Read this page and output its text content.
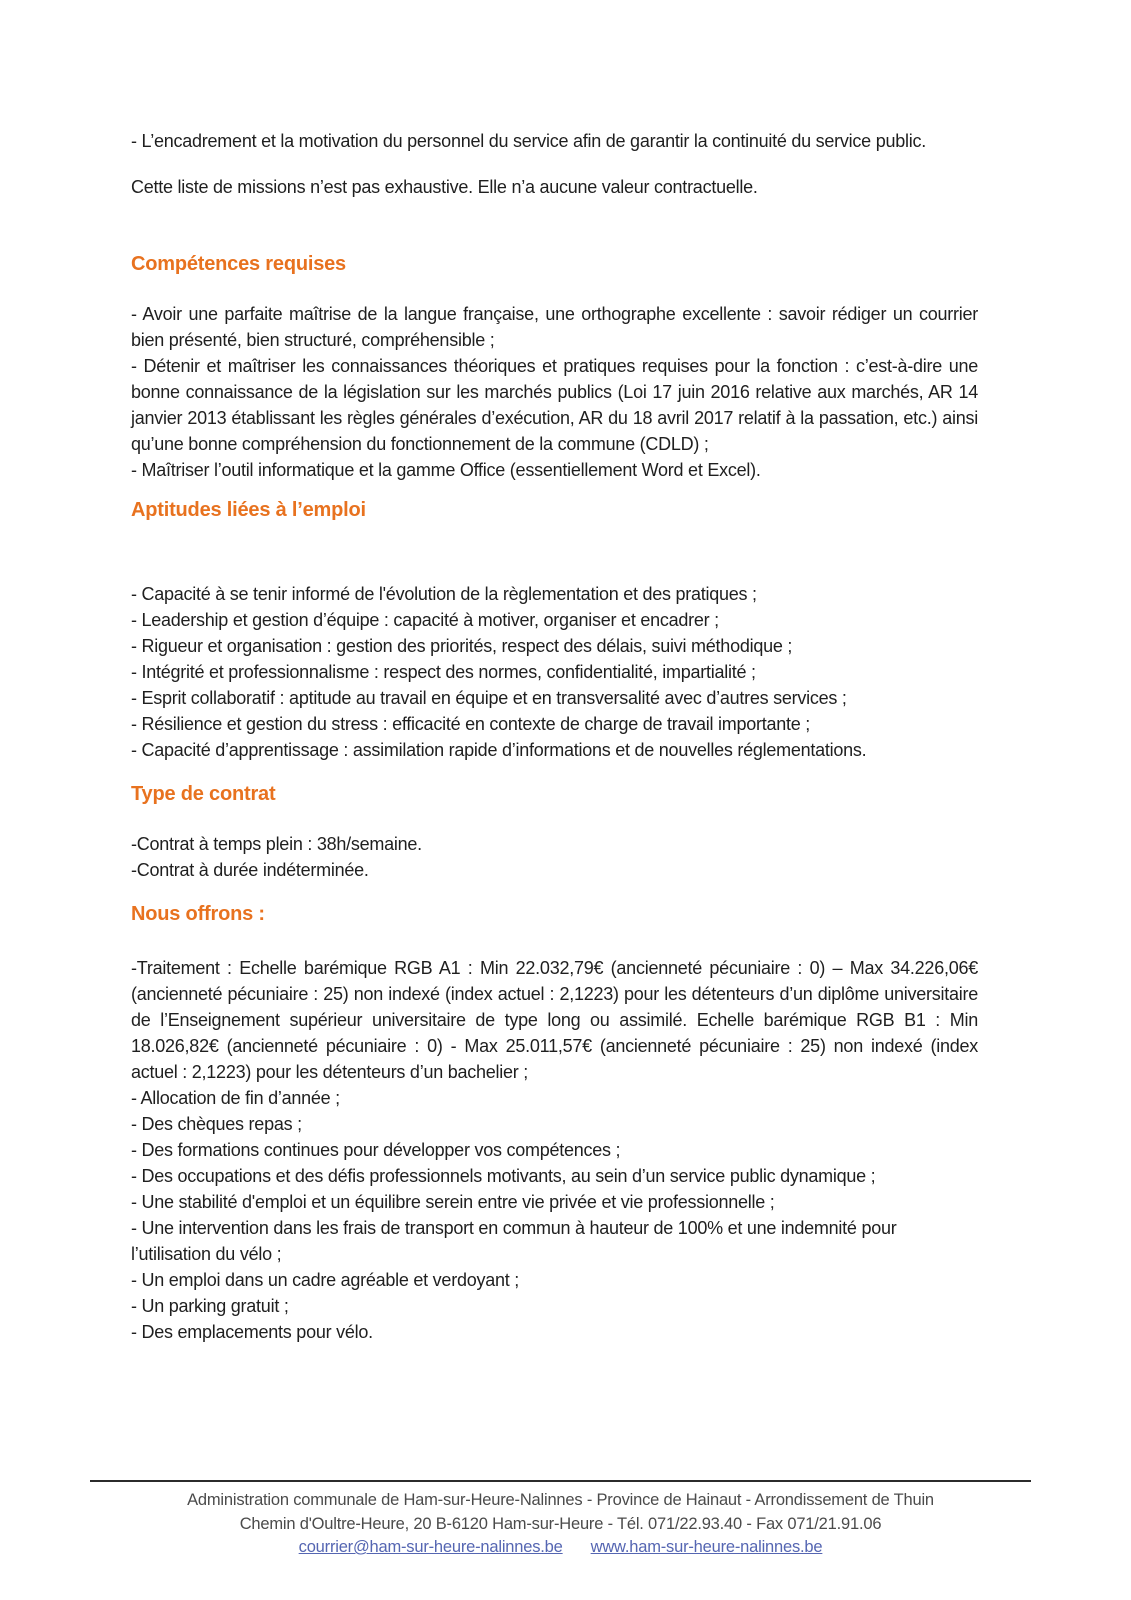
- L’encadrement et la motivation du personnel du service afin de garantir la continuité du service public.

Cette liste de missions n’est pas exhaustive. Elle n’a aucune valeur contractuelle.

Compétences requises
- Avoir une parfaite maîtrise de la langue française, une orthographe excellente : savoir rédiger un courrier bien présenté, bien structuré, compréhensible ;
- Détenir et maîtriser les connaissances théoriques et pratiques requises pour la fonction : c’est-à-dire une bonne connaissance de la législation sur les marchés publics (Loi 17 juin 2016 relative aux marchés, AR 14 janvier 2013 établissant les règles générales d’exécution, AR du 18 avril 2017 relatif à la passation, etc.) ainsi qu’une bonne compréhension du fonctionnement de la commune (CDLD) ;
- Maîtriser l’outil informatique et la gamme Office (essentiellement Word et Excel).
Aptitudes liées à l’emploi
- Capacité à se tenir informé de l'évolution de la règlementation et des pratiques ;
- Leadership et gestion d’équipe : capacité à motiver, organiser et encadrer ;
- Rigueur et organisation : gestion des priorités, respect des délais, suivi méthodique ;
- Intégrité et professionnalisme : respect des normes, confidentialité, impartialité ;
- Esprit collaboratif : aptitude au travail en équipe et en transversalité avec d’autres services ;
- Résilience et gestion du stress : efficacité en contexte de charge de travail importante ;
- Capacité d’apprentissage : assimilation rapide d’informations et de nouvelles réglementations.
Type de contrat
-Contrat à temps plein : 38h/semaine.
-Contrat à durée indéterminée.
Nous offrons :
-Traitement : Echelle barémique RGB A1 : Min 22.032,79€ (ancienneté pécuniaire : 0) – Max 34.226,06€ (ancienneté pécuniaire : 25) non indexé (index actuel : 2,1223) pour les détenteurs d’un diplôme universitaire de l’Enseignement supérieur universitaire de type long ou assimilé. Echelle barémique RGB B1 : Min 18.026,82€ (ancienneté pécuniaire : 0) - Max 25.011,57€ (ancienneté pécuniaire : 25) non indexé (index actuel : 2,1223) pour les détenteurs d’un bachelier ;
- Allocation de fin d’année ;
- Des chèques repas ;
- Des formations continues pour développer vos compétences ;
- Des occupations et des défis professionnels motivants, au sein d’un service public dynamique ;
- Une stabilité d'emploi et un équilibre serein entre vie privée et vie professionnelle ;
- Une intervention dans les frais de transport en commun à hauteur de 100% et une indemnité pour l’utilisation du vélo ;
- Un emploi dans un cadre agréable et verdoyant ;
- Un parking gratuit ;
- Des emplacements pour vélo.
Administration communale de Ham-sur-Heure-Nalinnes - Province de Hainaut - Arrondissement de Thuin
Chemin d'Oultre-Heure, 20 B-6120 Ham-sur-Heure - Tél. 071/22.93.40 - Fax 071/21.91.06
courrier@ham-sur-heure-nalinnes.be www.ham-sur-heure-nalinnes.be
